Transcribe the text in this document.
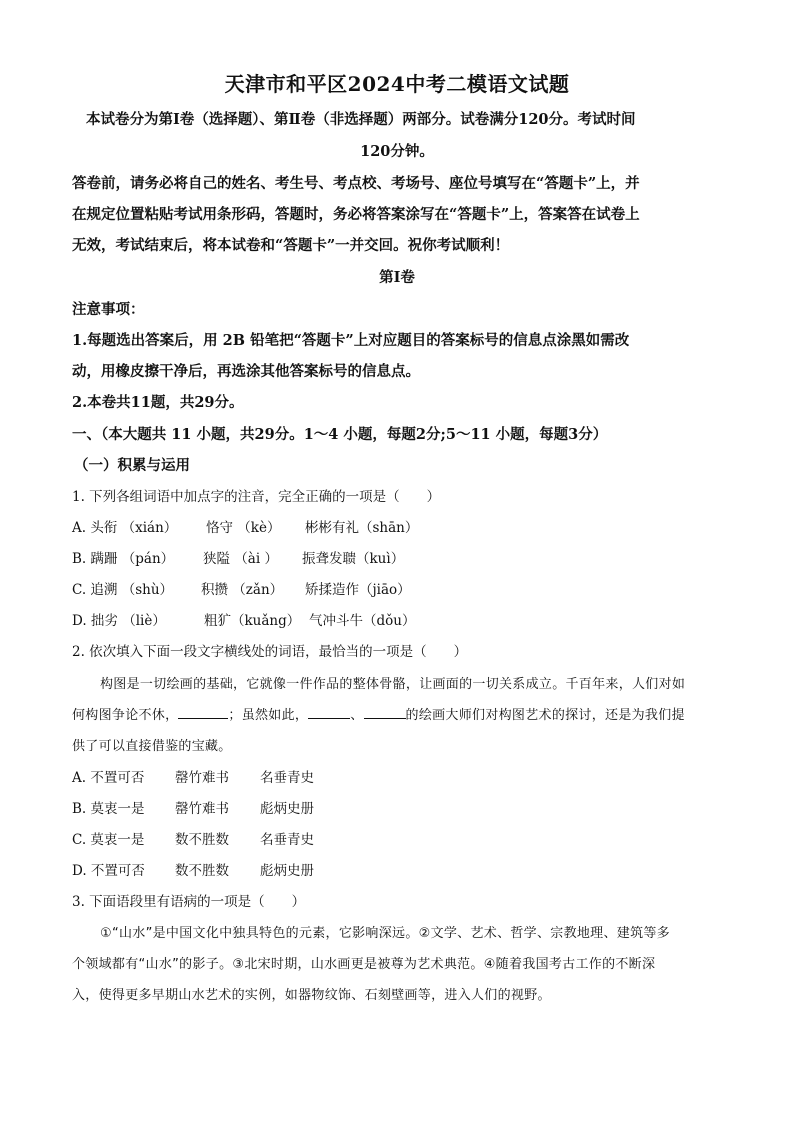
天津市和平区2024中考二模语文试题
本试卷分为第Ⅰ卷（选择题）、第Ⅱ卷（非选择题）两部分。试卷满分120分。考试时间
120分钟。
答卷前，请务必将自己的姓名、考生号、考点校、考场号、座位号填写在“答题卡”上，并
在规定位置粘贴考试用条形码，答题时，务必将答案涂写在“答题卡”上，答案答在试卷上
无效，考试结束后，将本试卷和“答题卡”一并交回。祝你考试顺利！
第Ⅰ卷
注意事项：
1.每题选出答案后，用 2B 铅笔把“答题卡”上对应题目的答案标号的信息点涂黑如需改
动，用橡皮擦干净后，再选涂其他答案标号的信息点。
2.本卷共11题，共29分。
一、（本大题共 11 小题，共29分。1～4 小题，每题2分;5～11 小题，每题3分）
（一）积累与运用
1. 下列各组词语中加点字的注音，完全正确的一项是（　　）
A. 头衔 （xián） 恪守 （kè） 彬彬有礼（shān）
B. 蹒跚 （pán） 狭隘 （ài ） 振聋发聩（kuì）
C. 追溯 （shù） 积攒 （zǎn） 矫揉造作（jiāo）
D. 拙劣 （liè）	粗犷（kuǎng） 气冲斗牛（dǒu）
2. 依次填入下面一段文字横线处的词语，最恰当的一项是（　　）
构图是一切绘画的基础，它就像一件作品的整体骨骼，让画面的一切关系成立。千百年来，人们对如
何构图争论不休，	；虽然如此，	、	的绘画大师们对构图艺术的探讨，还是为我们提
供了可以直接借鉴的宝藏。
A. 不置可否 罄竹难书 名垂青史
B. 莫衷一是 罄竹难书 彪炳史册
C. 莫衷一是 数不胜数 名垂青史
D. 不置可否 数不胜数 彪炳史册
3. 下面语段里有语病的一项是（　　）
①“山水”是中国文化中独具特色的元素，它影响深远。②文学、艺术、哲学、宗教地理、建筑等多
个领域都有“山水”的影子。③北宋时期，山水画更是被尊为艺术典范。④随着我国考古工作的不断深
入，使得更多早期山水艺术的实例，如器物纹饰、石刻壁画等，进入人们的视野。
